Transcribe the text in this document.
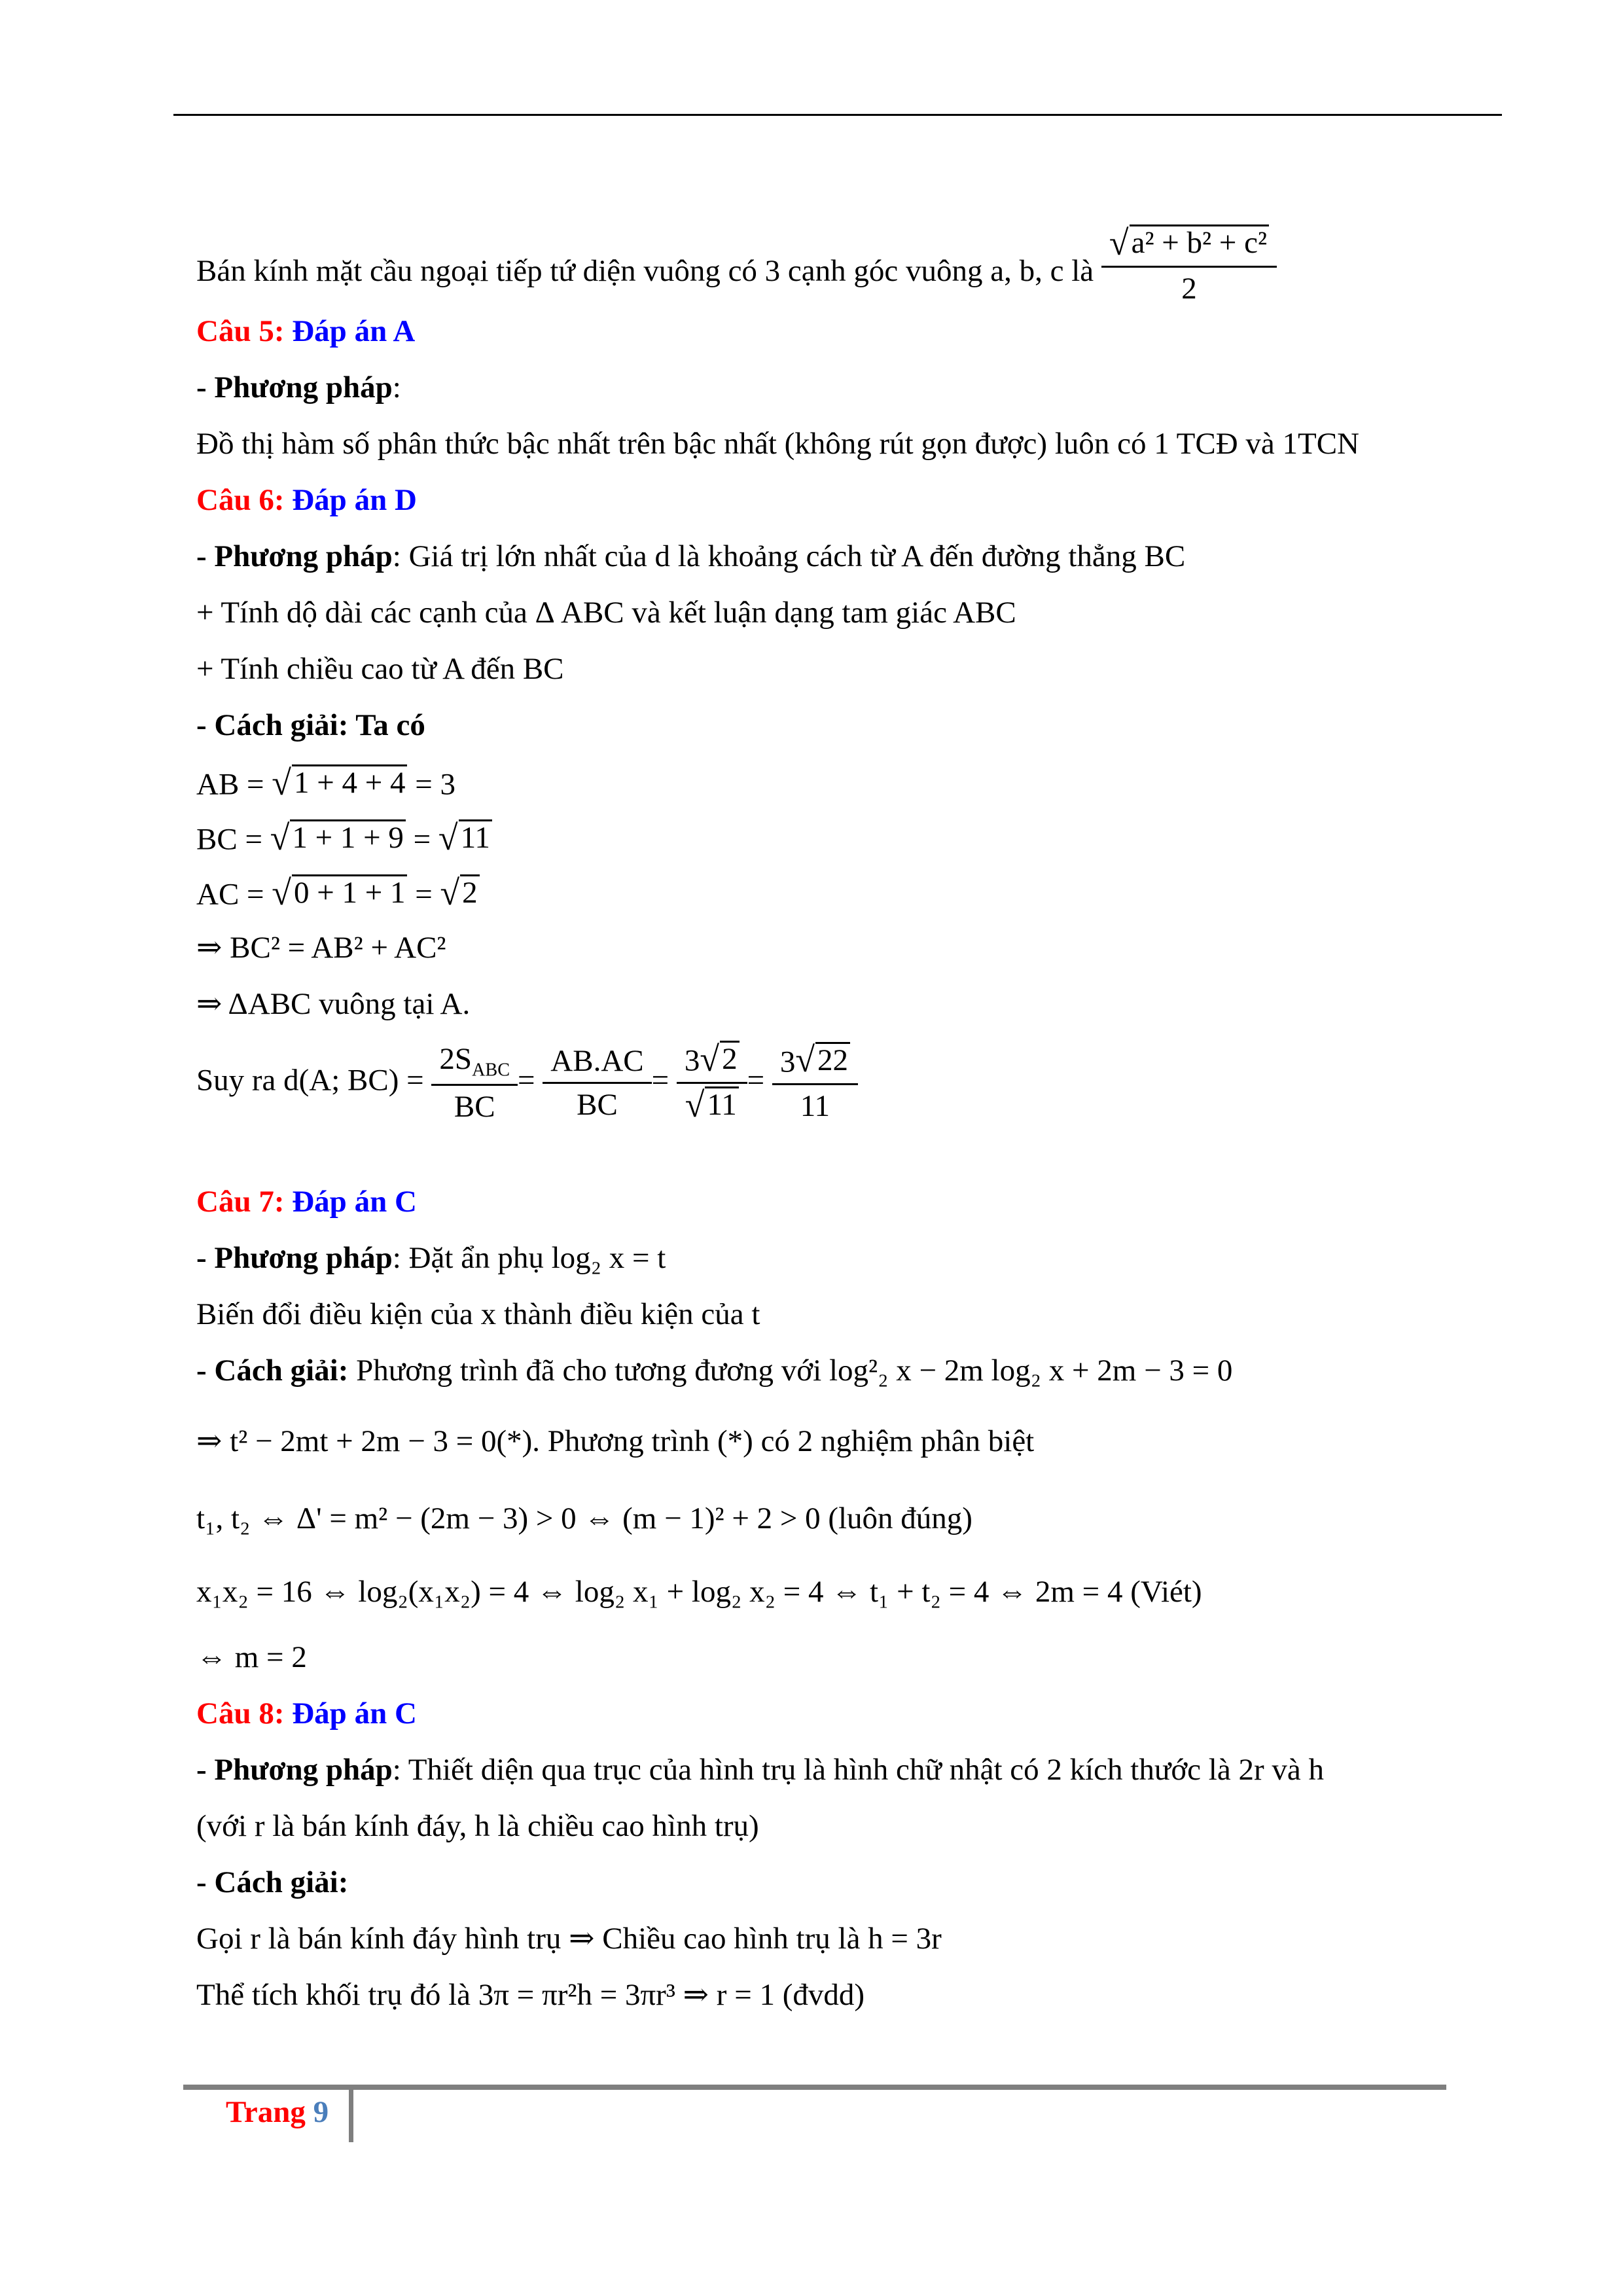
Bán kính mặt cầu ngoại tiếp tứ diện vuông có 3 cạnh góc vuông a, b, c là $\frac{\text{√ a² + b² + c²}}{2}$
Câu 5: Đáp án A
- Phương pháp:
Đồ thị hàm số phân thức bậc nhất trên bậc nhất (không rút gọn được) luôn có 1 TCĐ và 1TCN
Câu 6: Đáp án D
- Phương pháp: Giá trị lớn nhất của d là khoảng cách từ A đến đường thẳng BC
+ Tính dộ dài các cạnh của Δ ABC và kết luận dạng tam giác ABC
+ Tính chiều cao từ A đến BC
- Cách giải: Ta có
AB = √ 1 + 4 + 4 = 3
BC = √ 1 + 1 + 9 = √ 11
AC = √ 0 + 1 + 1 = √ 2
⇒ BC² = AB² + AC²
⇒ ΔABC vuông tại A.
Suy ra d(A; $BC) = \frac{2S_{ABC}}{BC} = \frac{AB.AC}{BC} = \frac{3 √ 2}{√ 11} = \frac{3 √ 22}{11}$
Câu 7: Đáp án C
- Phương pháp: Đặt ẩn phụ log₂ x = t
Biến đổi điều kiện của x thành điều kiện của t
- Cách giải: Phương trình đã cho tương đương với log²₂ x − 2m log₂ x + 2m − 3 = 0
⇒ t² − 2mt + 2m − 3 = 0(*). Phương trình (*) có 2 nghiệm phân biệt
t₁, t₂ ⇔ Δ' = m² − (2m − 3) > 0 ⇔ (m − 1)² + 2 > 0 (luôn đúng)
x₁x₂ = 16 ⇔ log₂(x₁x₂) = 4 ⇔ log₂ x₁ + log₂ x₂ = 4 ⇔ t₁ + t₂ = 4 ⇔ 2m = 4 (Viét)
⇔ m = 2
Câu 8: Đáp án C
- Phương pháp: Thiết diện qua trục của hình trụ là hình chữ nhật có 2 kích thước là 2r và h
(với r là bán kính đáy, h là chiều cao hình trụ)
- Cách giải:
Gọi r là bán kính đáy hình trụ ⇒ Chiều cao hình trụ là h = 3r
Thể tích khối trụ đó là 3π = πr²h = 3πr³ ⇒ r = 1 (đvdd)
Trang 9
